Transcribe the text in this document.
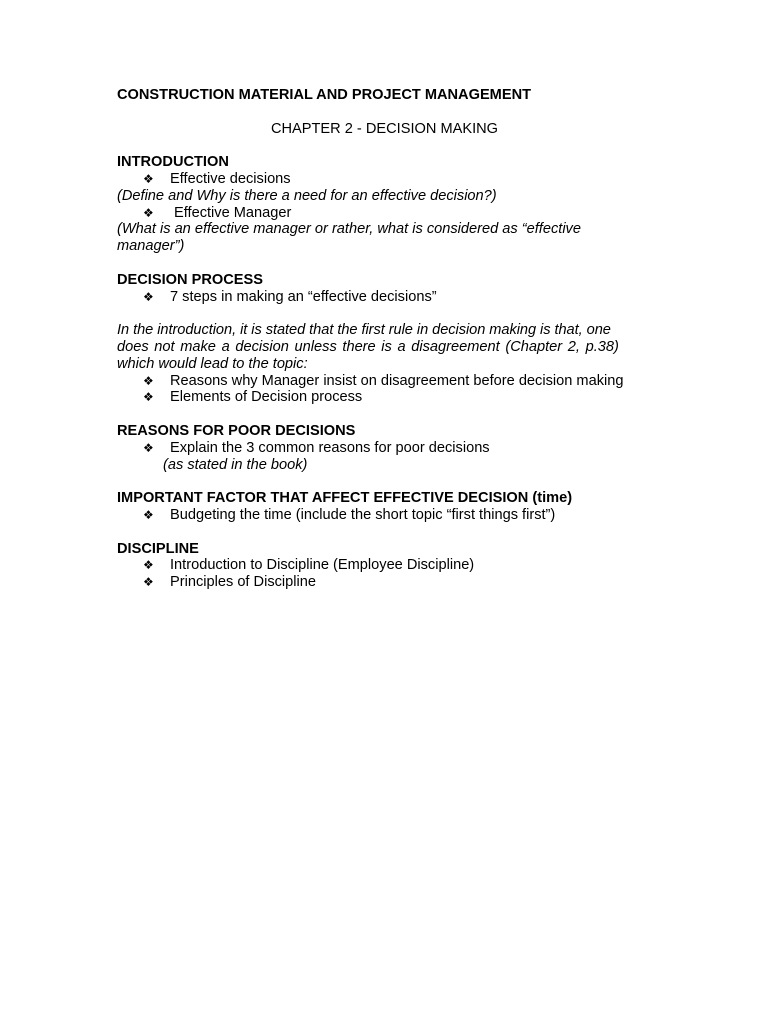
CONSTRUCTION MATERIAL AND PROJECT MANAGEMENT

CHAPTER 2 - DECISION MAKING

INTRODUCTION

❖	Effective decisions

(Define and Why is there a need for an effective decision?)

❖	Effective Manager

(What is an effective manager or rather, what is considered as “effective

manager”)

DECISION PROCESS

❖	7 steps in making an “effective decisions”

In the introduction, it is stated that the first rule in decision making is that, one

does not make a decision unless there is a disagreement (Chapter 2, p.38)

which would lead to the topic:

❖	Reasons why Manager insist on disagreement before decision making
❖	Elements of Decision process

REASONS FOR POOR DECISIONS

❖	Explain the 3 common reasons for poor decisions

(as stated in the book)

IMPORTANT FACTOR THAT AFFECT EFFECTIVE DECISION (time)

❖	Budgeting the time (include the short topic “first things first”)

DISCIPLINE

❖	Introduction to Discipline (Employee Discipline)
❖	Principles of Discipline
